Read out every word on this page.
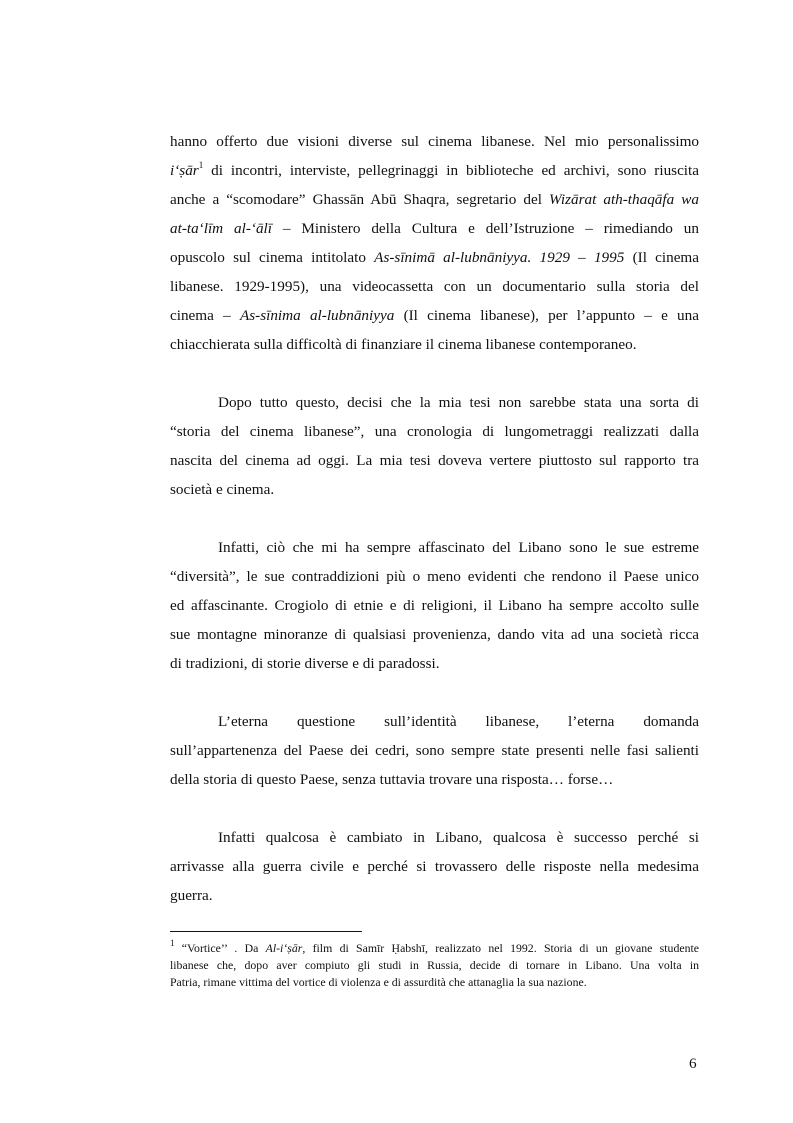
hanno offerto due visioni diverse sul cinema libanese. Nel mio personalissimo
iʻṣār$^1$ di incontri, interviste, pellegrinaggi in biblioteche ed archivi, sono riuscita
anche a “scomodare” Ghassān Abū Shaqra, segretario del Wizārat ath-thaqāfa wa
at-taʻlīm al-ʻālī – Ministero della Cultura e dell’Istruzione – rimediando un
opuscolo sul cinema intitolato As-sīnimā al-lubnāniyya. 1929 – 1995 (Il cinema
libanese. 1929-1995), una videocassetta con un documentario sulla storia del
cinema – As-sīnima al-lubnāniyya (Il cinema libanese), per l’appunto – e una
chiacchierata sulla difficoltà di finanziare il cinema libanese contemporaneo.
Dopo tutto questo, decisi che la mia tesi non sarebbe stata una sorta di
“storia del cinema libanese”, una cronologia di lungometraggi realizzati dalla
nascita del cinema ad oggi. La mia tesi doveva vertere piuttosto sul rapporto tra
società e cinema.
Infatti, ciò che mi ha sempre affascinato del Libano sono le sue estreme
“diversità”, le sue contraddizioni più o meno evidenti che rendono il Paese unico
ed affascinante. Crogiolo di etnie e di religioni, il Libano ha sempre accolto sulle
sue montagne minoranze di qualsiasi provenienza, dando vita ad una società ricca
di tradizioni, di storie diverse e di paradossi.
L’eterna questione sull’identità libanese, l’eterna domanda
sull’appartenenza del Paese dei cedri, sono sempre state presenti nelle fasi salienti
della storia di questo Paese, senza tuttavia trovare una risposta… forse…
Infatti qualcosa è cambiato in Libano, qualcosa è successo perché si
arrivasse alla guerra civile e perché si trovassero delle risposte nella medesima
guerra.
$^1$ “Vortice’’ . Da Al-iʻṣār, film di Samīr Ḥabshī, realizzato nel 1992. Storia di un giovane studente
libanese che, dopo aver compiuto gli studi in Russia, decide di tornare in Libano. Una volta in
Patria, rimane vittima del vortice di violenza e di assurdità che attanaglia la sua nazione.

6
